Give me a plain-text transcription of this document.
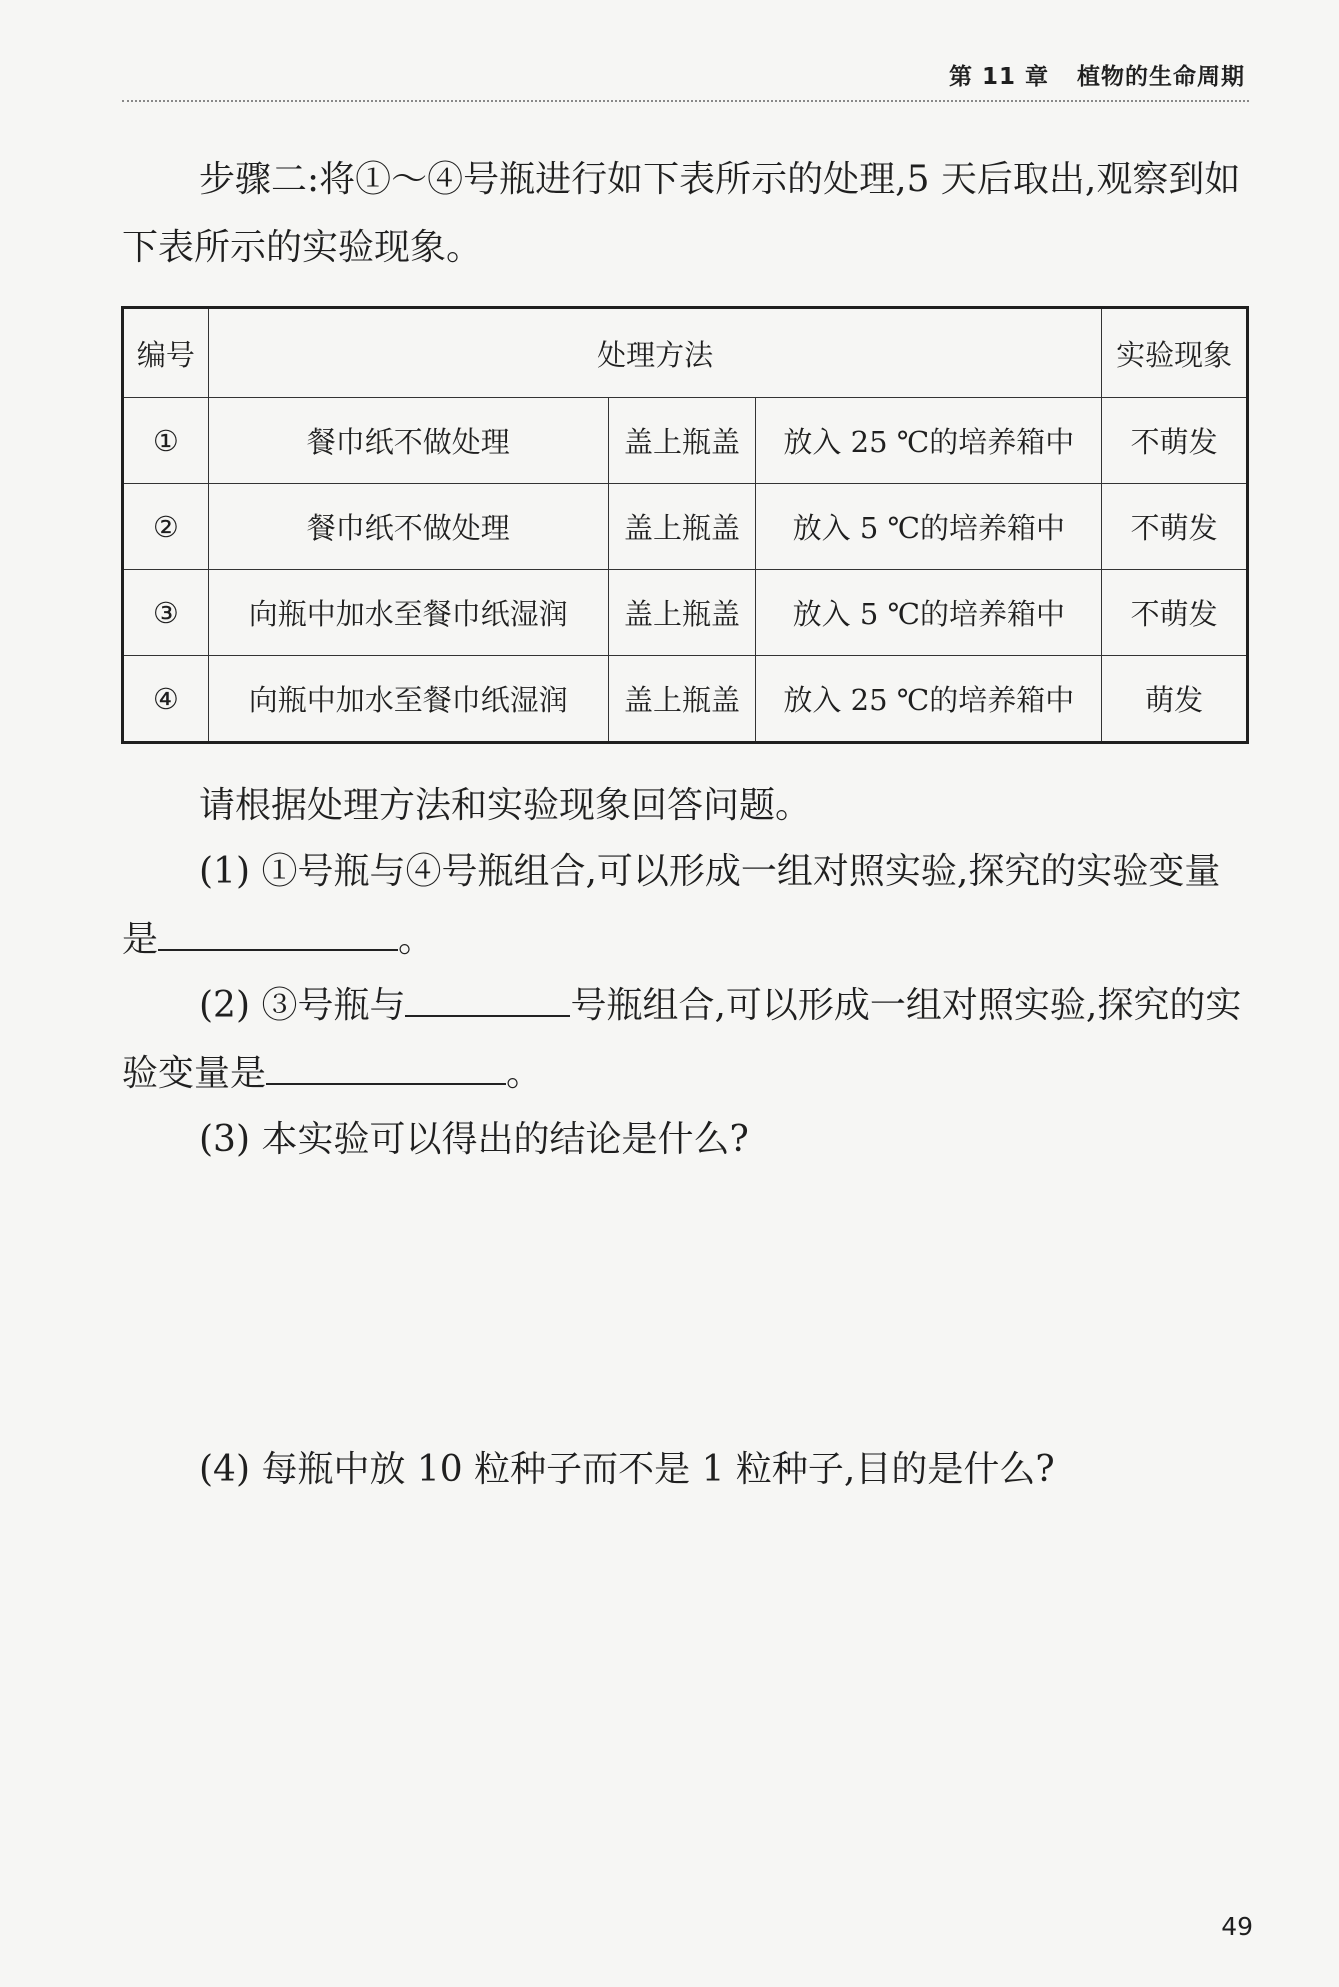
第 11 章 植物的生命周期
步骤二:将①～④号瓶进行如下表所示的处理,5 天后取出,观察到如下表所示的实验现象。
编号	处理方法			实验现象
①	餐巾纸不做处理	盖上瓶盖	放入 25 ℃的培养箱中	不萌发
②	餐巾纸不做处理	盖上瓶盖	放入 5 ℃的培养箱中	不萌发
③	向瓶中加水至餐巾纸湿润	盖上瓶盖	放入 5 ℃的培养箱中	不萌发
④	向瓶中加水至餐巾纸湿润	盖上瓶盖	放入 25 ℃的培养箱中	萌发
请根据处理方法和实验现象回答问题。
(1) ①号瓶与④号瓶组合,可以形成一组对照实验,探究的实验变量是	。
(2) ③号瓶与	号瓶组合,可以形成一组对照实验,探究的实验变量是	。
(3) 本实验可以得出的结论是什么?
(4) 每瓶中放 10 粒种子而不是 1 粒种子,目的是什么?
49
